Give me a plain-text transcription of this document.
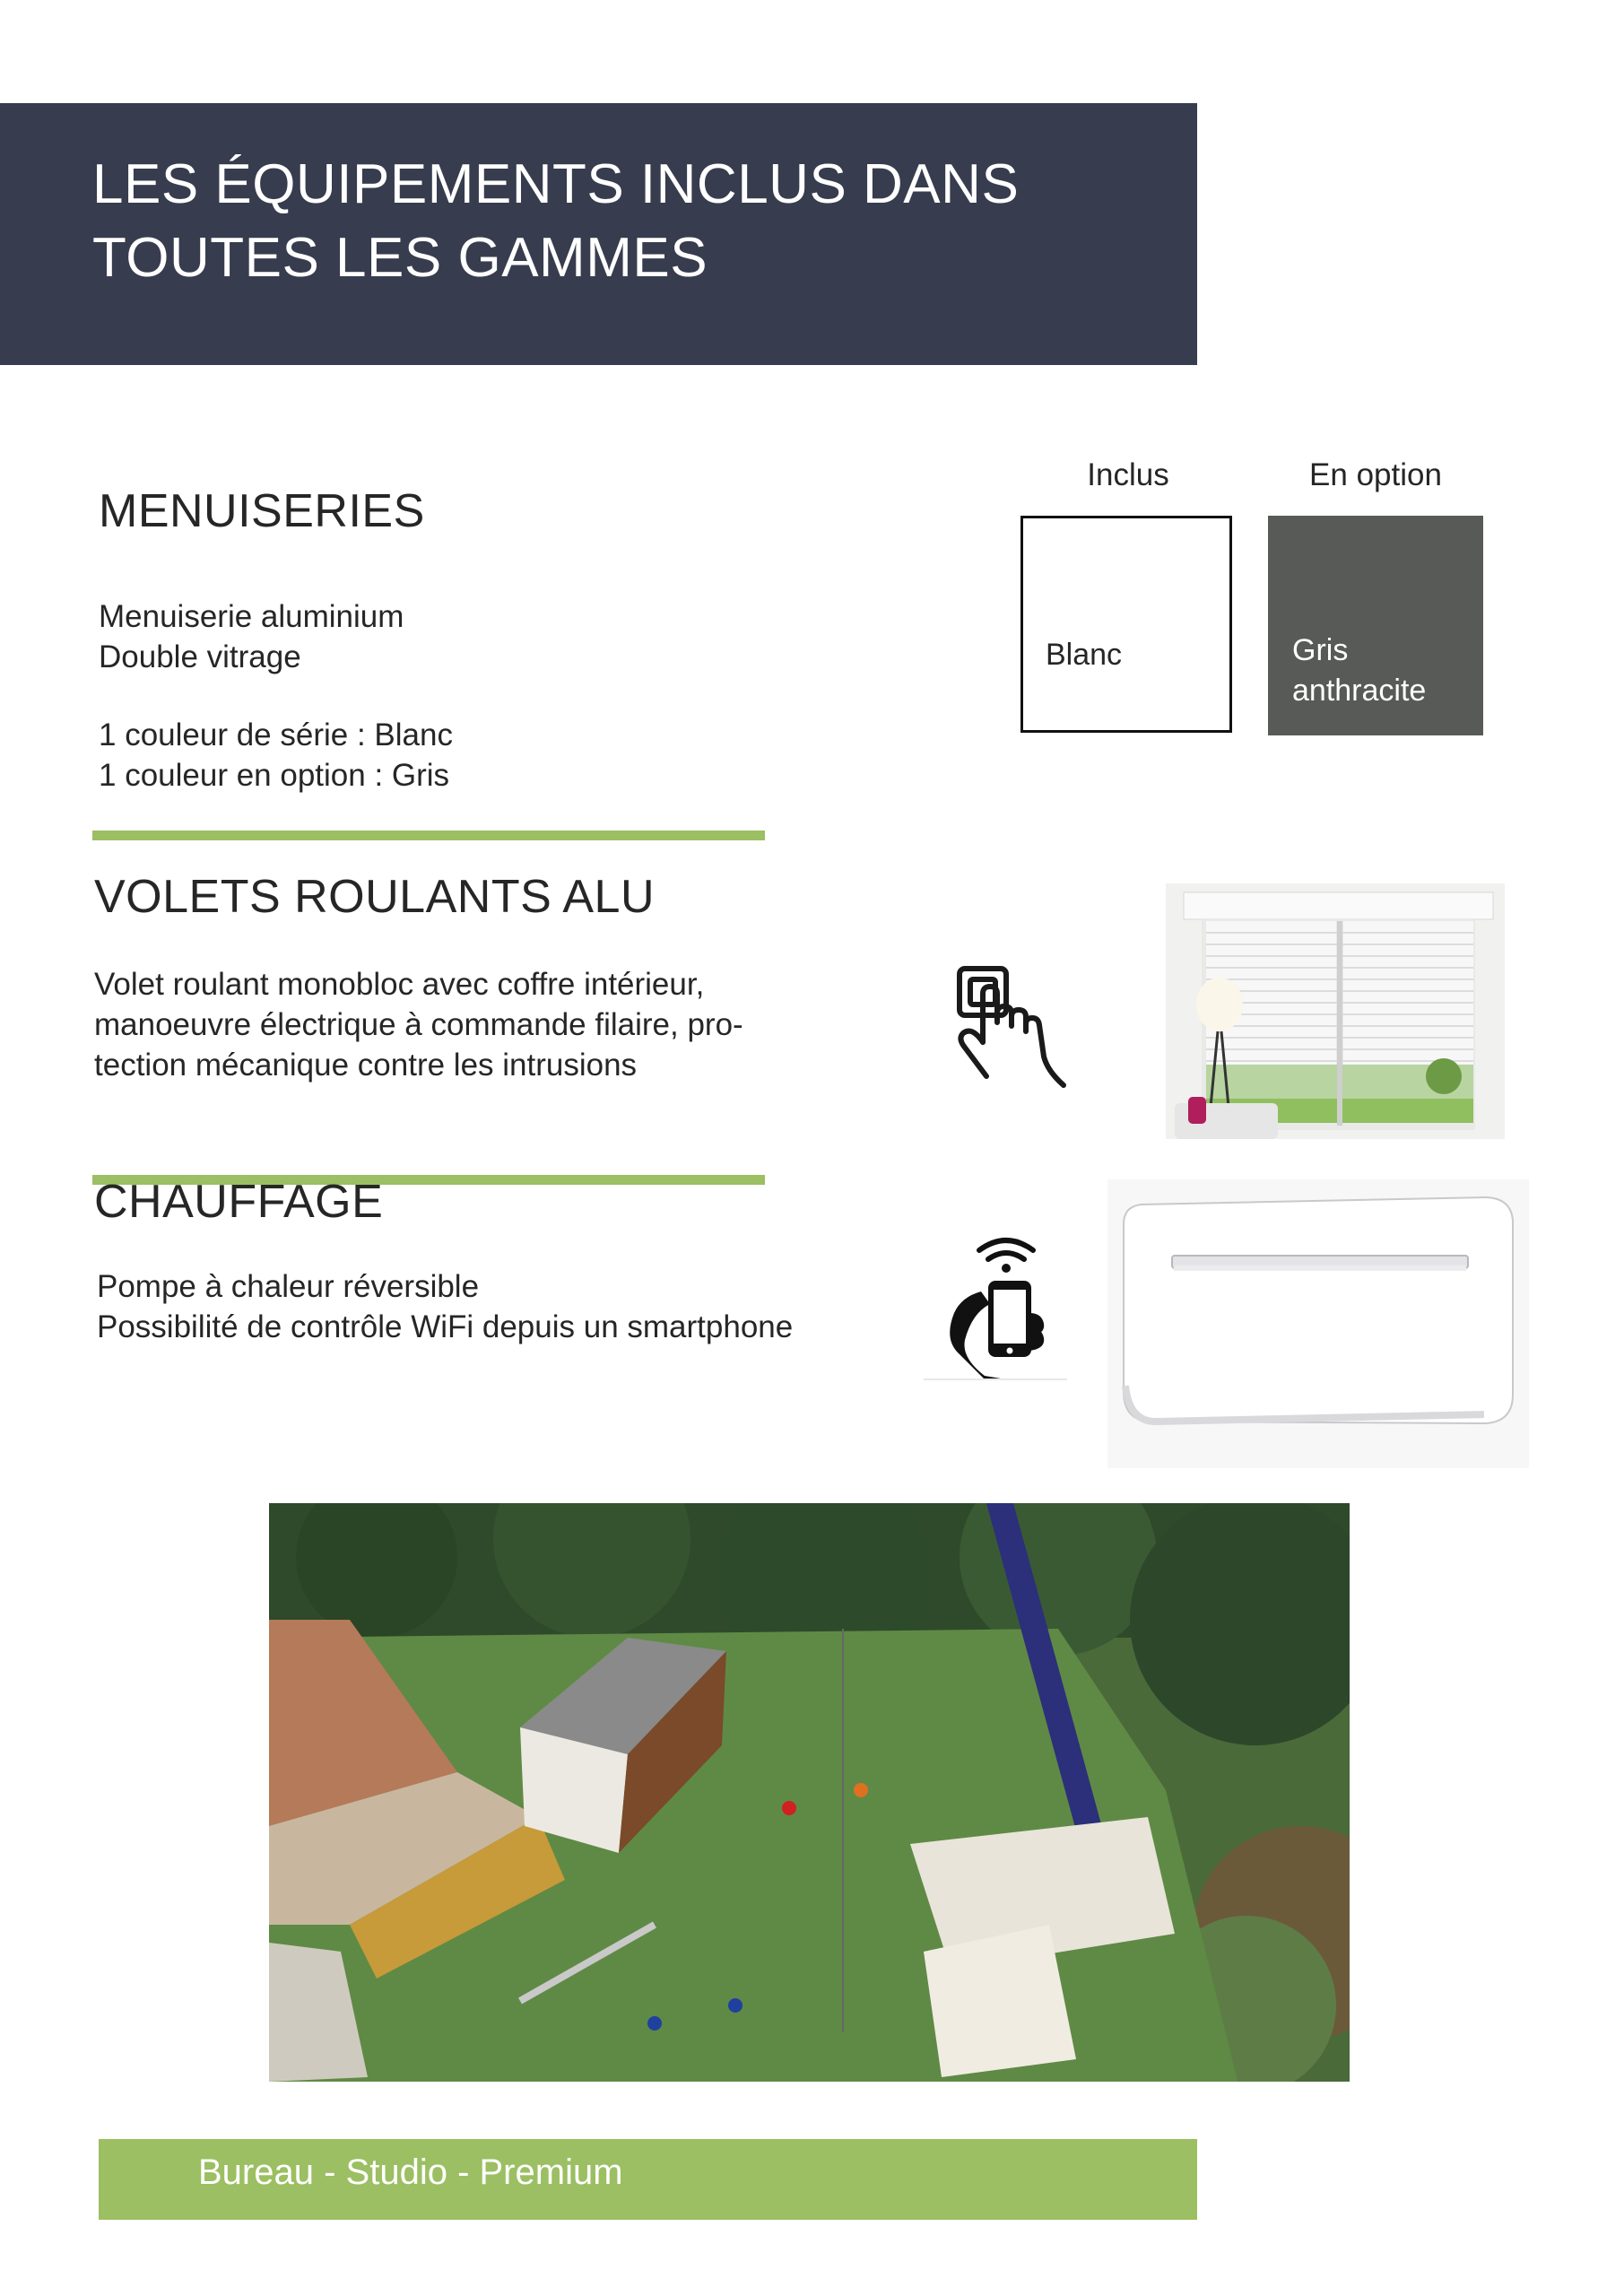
LES ÉQUIPEMENTS INCLUS DANS
TOUTES LES GAMMES
MENUISERIES
Menuiserie aluminium
Double vitrage
1 couleur de série : Blanc
1 couleur en option : Gris
Inclus	En option
Blanc	Gris
anthracite
VOLETS ROULANTS ALU
Volet roulant monobloc avec coffre intérieur,
manoeuvre électrique à commande filaire, pro-
tection mécanique contre les intrusions
CHAUFFAGE
Pompe à chaleur réversible
Possibilité de contrôle WiFi depuis un smartphone
Bureau - Studio - Premium
